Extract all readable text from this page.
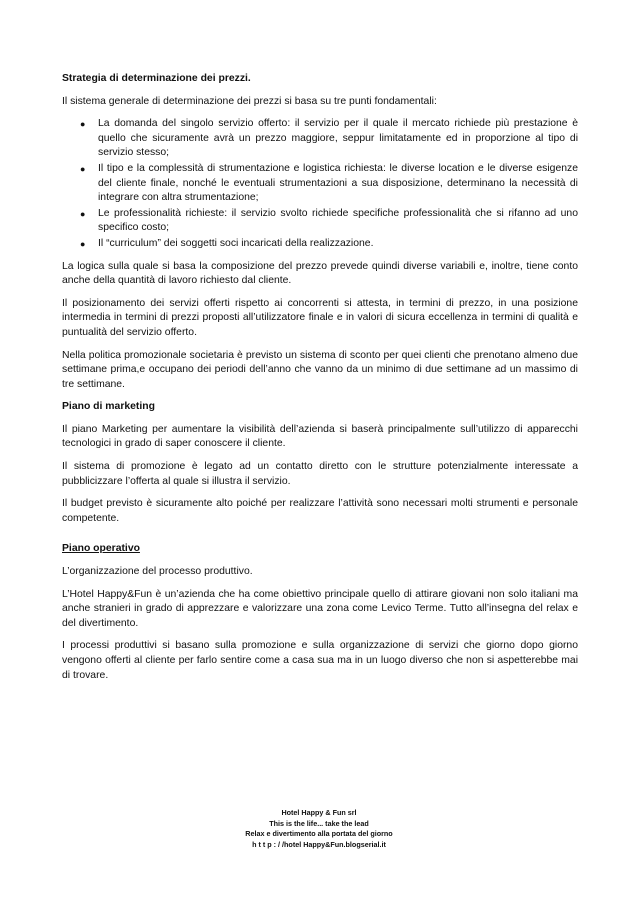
Strategia di determinazione dei prezzi.
Il sistema generale di determinazione dei prezzi si basa su tre punti fondamentali:
● La domanda del singolo servizio offerto: il servizio per il quale il mercato richiede più prestazione è quello che sicuramente avrà un prezzo maggiore, seppur limitatamente ed in proporzione al tipo di servizio stesso;
● Il tipo e la complessità di strumentazione e logistica richiesta: le diverse location e le diverse esigenze del cliente finale, nonché le eventuali strumentazioni a sua disposizione, determinano la necessità di integrare con altra strumentazione;
● Le professionalità richieste: il servizio svolto richiede specifiche professionalità che si rifanno ad uno specifico costo;
● Il “curriculum” dei soggetti soci incaricati della realizzazione.
La logica sulla quale si basa la composizione del prezzo prevede quindi diverse variabili e, inoltre, tiene conto anche della quantità di lavoro richiesto dal cliente.
Il posizionamento dei servizi offerti rispetto ai concorrenti si attesta, in termini di prezzo, in una posizione intermedia in termini di prezzi proposti all’utilizzatore finale e in valori di sicura eccellenza in termini di qualità e puntualità del servizio offerto.
Nella politica promozionale societaria è previsto un sistema di sconto per quei clienti che prenotano almeno due settimane prima,e occupano dei periodi dell’anno che vanno da un minimo di due settimane ad un massimo di tre settimane.
Piano di marketing
Il piano Marketing per aumentare la visibilità dell’azienda si baserà principalmente sull’utilizzo di apparecchi tecnologici in grado di saper conoscere il cliente.
Il sistema di promozione è legato ad un contatto diretto con le strutture potenzialmente interessate a pubblicizzare l’offerta al quale si illustra il servizio.
Il budget previsto è sicuramente alto poiché per realizzare l’attività sono necessari molti strumenti e personale competente.
Piano operativo
L’organizzazione del processo produttivo.
L’Hotel Happy&Fun è un’azienda che ha come obiettivo principale quello di attirare giovani non solo italiani ma anche stranieri in grado di apprezzare e valorizzare una zona come Levico Terme. Tutto all’insegna del relax e del divertimento.
I processi produttivi si basano sulla promozione e sulla organizzazione di servizi che giorno dopo giorno vengono offerti al cliente per farlo sentire come a casa sua ma in un luogo diverso che non si aspetterebbe mai di trovare.
Hotel Happy & Fun srl
This is the life... take the lead
Relax e divertimento alla portata del giorno
h t t p : / /hotel Happy&Fun.blogserial.it
